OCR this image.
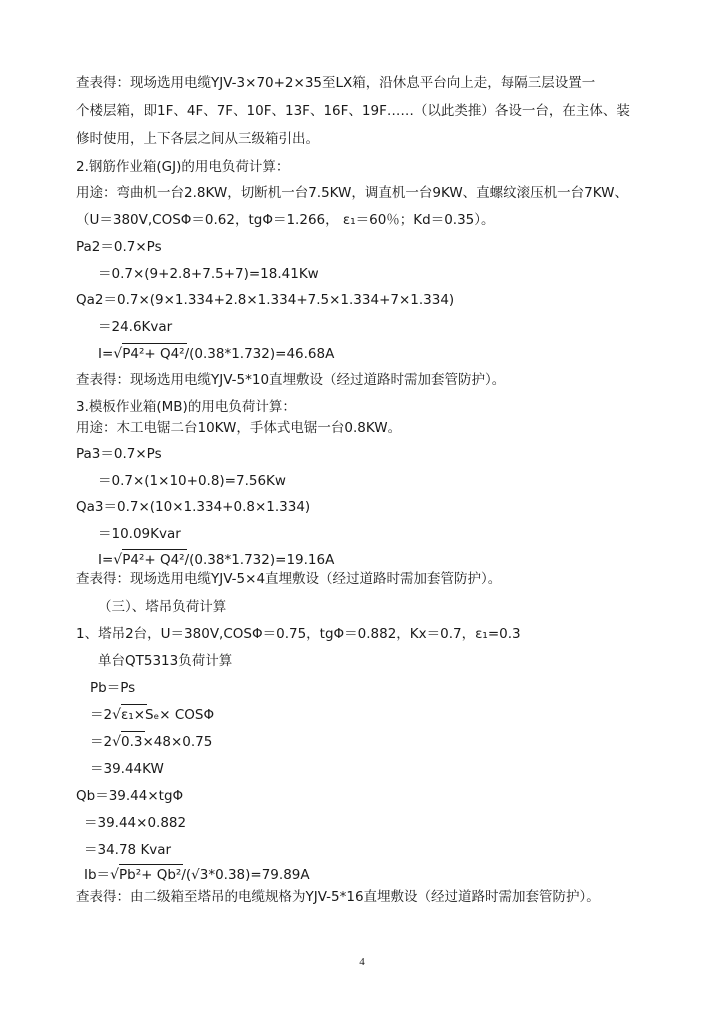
查表得：现场选用电缆YJV-3×70+2×35至LX箱，沿休息平台向上走，每隔三层设置一
个楼层箱，即1F、4F、7F、10F、13F、16F、19F……（以此类推）各设一台，在主体、装
修时使用，上下各层之间从三级箱引出。
2.钢筋作业箱(GJ)的用电负荷计算：
用途：弯曲机一台2.8KW，切断机一台7.5KW，调直机一台9KW、直螺纹滚压机一台7KW、
（U＝380V,COSΦ＝0.62，tgΦ＝1.266， ε₁＝60％；Kd＝0.35）。
Pa2＝0.7×Ps
＝0.7×(9+2.8+7.5+7)=18.41Kw
Qa2＝0.7×(9×1.334+2.8×1.334+7.5×1.334+7×1.334)
＝24.6Kvar
I=√P4²+ Q4²/(0.38*1.732)=46.68A
查表得：现场选用电缆YJV-5*10直埋敷设（经过道路时需加套管防护）。
3.模板作业箱(MB)的用电负荷计算：
用途：木工电锯二台10KW，手体式电锯一台0.8KW。
Pa3＝0.7×Ps
＝0.7×(1×10+0.8)=7.56Kw
Qa3＝0.7×(10×1.334+0.8×1.334)
＝10.09Kvar
I=√P4²+ Q4²/(0.38*1.732)=19.16A
查表得：现场选用电缆YJV-5×4直埋敷设（经过道路时需加套管防护）。
（三）、塔吊负荷计算
1、塔吊2台，U＝380V,COSΦ＝0.75，tgΦ＝0.882，Kx＝0.7，ε₁=0.3
单台QT5313负荷计算
Pb＝Ps
＝2√ε₁×Sₑ× COSΦ
＝2√0.3×48×0.75
＝39.44KW
Qb＝39.44×tgΦ
＝39.44×0.882
＝34.78 Kvar
Ib＝√Pb²+ Qb²/(√3*0.38)=79.89A
查表得：由二级箱至塔吊的电缆规格为YJV-5*16直埋敷设（经过道路时需加套管防护）。
4
